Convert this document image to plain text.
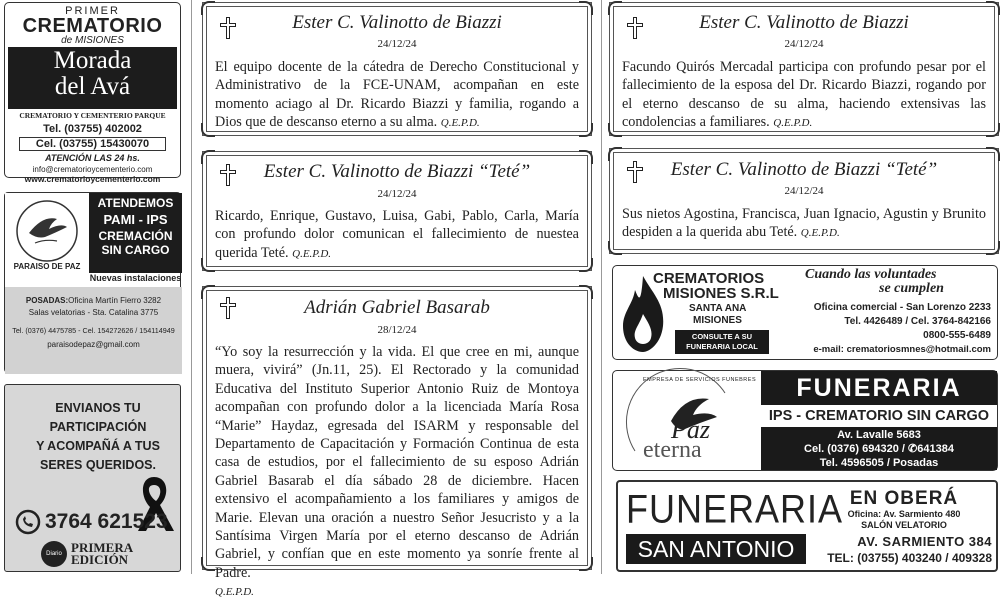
PRIMER
CREMATORIO
de MISIONES
Morada
del Avá
CREMATORIO Y CEMENTERIO PARQUE
Tel. (03755) 402002
Cel. (03755) 15430070
ATENCIÓN LAS 24 hs.
info@crematorioycementerio.com
www.crematorioycementerio.com
PARAISO DE PAZ
ATENDEMOS
PAMI - IPS
CREMACIÓN
SIN CARGO
Nuevas instalaciones
POSADAS:Oficina Martín Fierro 3282
Salas velatorias - Sta. Catalina 3775
Tel. (0376) 4475785 - Cel. 154272626 / 154114949
paraisodepaz@gmail.com
ENVIANOS TU
PARTICIPACIÓN
Y ACOMPAÑÁ A TUS
SERES QUERIDOS.
3764 621523
Diario PRIMERA
EDICIÓN
Ester C. Valinotto de Biazzi
24/12/24
El equipo docente de la cátedra de Derecho Constitucional y Administrativo de la FCE-UNAM, acompañan en este momento aciago al Dr. Ricardo Biazzi y familia, rogando a Dios que de descanso eterno a su alma. Q.E.P.D.
Ester C. Valinotto de Biazzi “Teté”
24/12/24
Ricardo, Enrique, Gustavo, Luisa, Gabi, Pablo, Carla, María con profundo dolor comunican el fallecimiento de nuestea querida Teté. Q.E.P.D.
Adrián Gabriel Basarab
28/12/24
“Yo soy la resurrección y la vida. El que cree en mi, aunque muera, vivirá” (Jn.11, 25). El Rectorado y la comunidad Educativa del Instituto Superior Antonio Ruiz de Montoya acompañan con profundo dolor a la licenciada María Rosa “Marie” Haydaz, egresada del ISARM y responsable del Departamento de Capacitación y Formación Continua de esta casa de estudios, por el fallecimiento de su esposo Adrián Gabriel Basarab el día sábado 28 de diciembre. Hacen extensivo el acompañamiento a los familiares y amigos de Marie. Elevan una oración a nuestro Señor Jesucristo y a la Santísima Virgen María por el eterno descanso de Adrián Gabriel, y confían que en este momento ya sonríe frente al Padre.
Q.E.P.D.
Ester C. Valinotto de Biazzi
24/12/24
Facundo Quirós Mercadal participa con profundo pesar por el fallecimiento de la esposa del Dr. Ricardo Biazzi, rogando por el eterno descanso de su alma, haciendo extensivas las condolencias a familiares. Q.E.P.D.
Ester C. Valinotto de Biazzi “Teté”
24/12/24
Sus nietos Agostina, Francisca, Juan Ignacio, Agustin y Brunito despiden a la querida abu Teté. Q.E.P.D.
CREMATORIOS
MISIONES S.R.L
SANTA ANA
MISIONES
CONSULTE A SU FUNERARIA LOCAL
Cuando las voluntades
se cumplen
Oficina comercial - San Lorenzo 2233
Tel. 4426489 / Cel. 3764-842166
0800-555-6489
e-mail: crematoriosmnes@hotmail.com
EMPRESA DE SERVICIOS FUNEBRES
Paz
eterna
FUNERARIA
IPS - CREMATORIO SIN CARGO
Av. Lavalle 5683
Cel. (0376) 694320 / ✆641384
Tel. 4596505 / Posadas
FUNERARIA
SAN ANTONIO
EN OBERÁ
Oficina: Av. Sarmiento 480
SALÓN VELATORIO
AV. SARMIENTO 384
TEL: (03755) 403240 / 409328
